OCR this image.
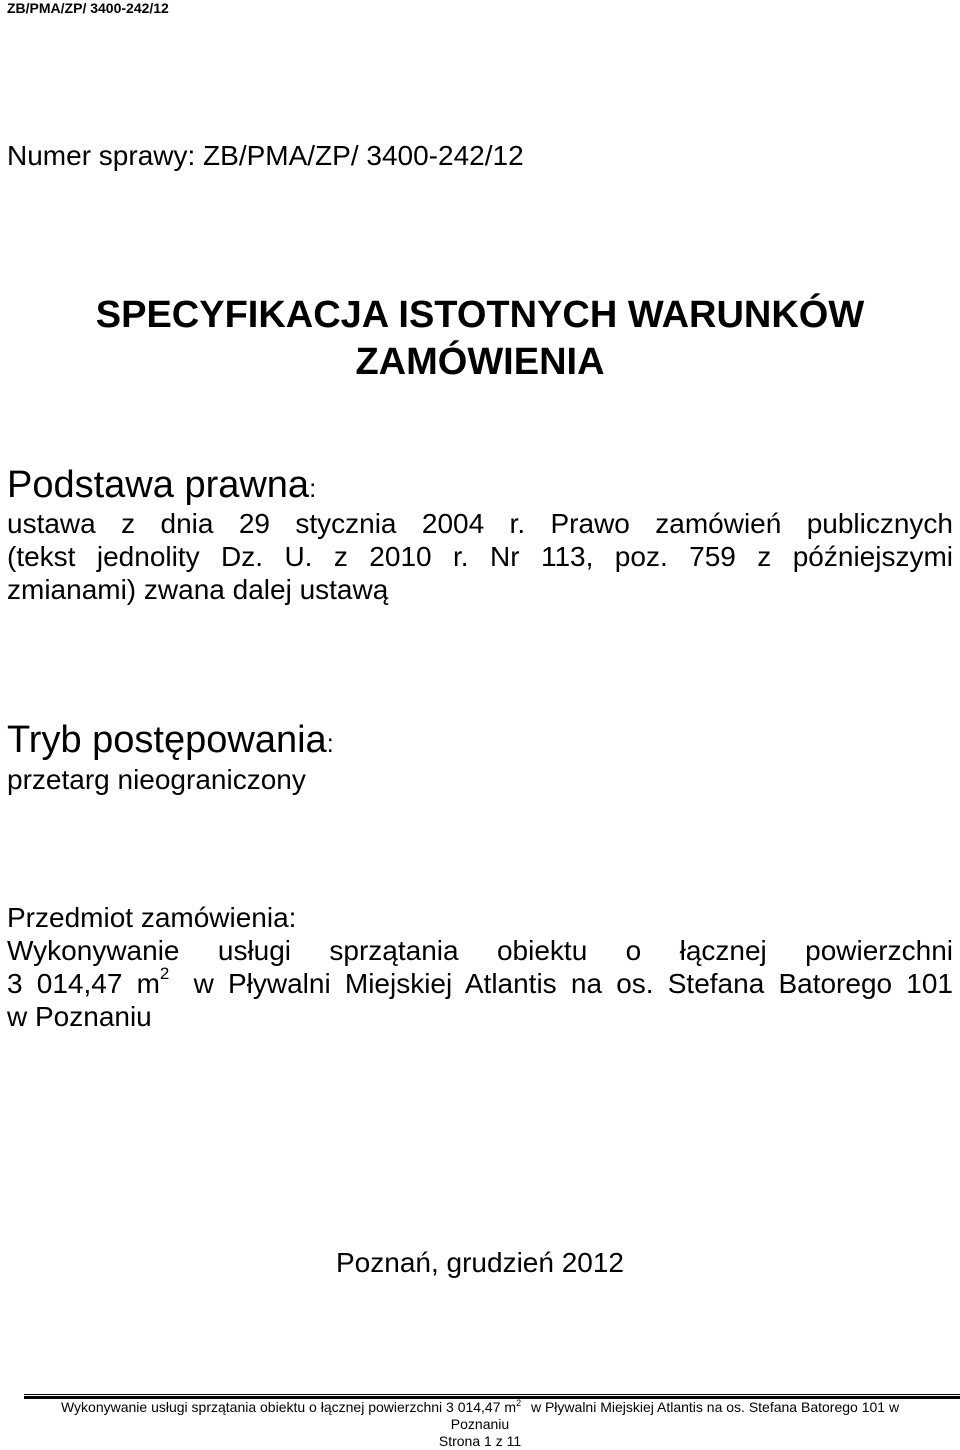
ZB/PMA/ZP/ 3400-242/12
Numer sprawy: ZB/PMA/ZP/ 3400-242/12
SPECYFIKACJA ISTOTNYCH WARUNKÓW
ZAMÓWIENIA
Podstawa prawna:
ustawa z dnia 29 stycznia 2004 r. Prawo zamówień publicznych
(tekst jednolity Dz. U. z 2010 r. Nr 113, poz. 759 z późniejszymi
zmianami) zwana dalej ustawą
Tryb postępowania:
przetarg nieograniczony
Przedmiot zamówienia:
Wykonywanie usługi sprzątania obiektu o łącznej powierzchni
3 014,47 $m^2$ w Pływalni Miejskiej Atlantis na os. Stefana Batorego 101
w Poznaniu
Poznań, grudzień 2012
Wykonywanie usługi sprzątania obiektu o łącznej powierzchni 3 014,47 $m^2$ w Pływalni Miejskiej Atlantis na os. Stefana Batorego 101 w
Poznaniu
Strona 1 z 11
